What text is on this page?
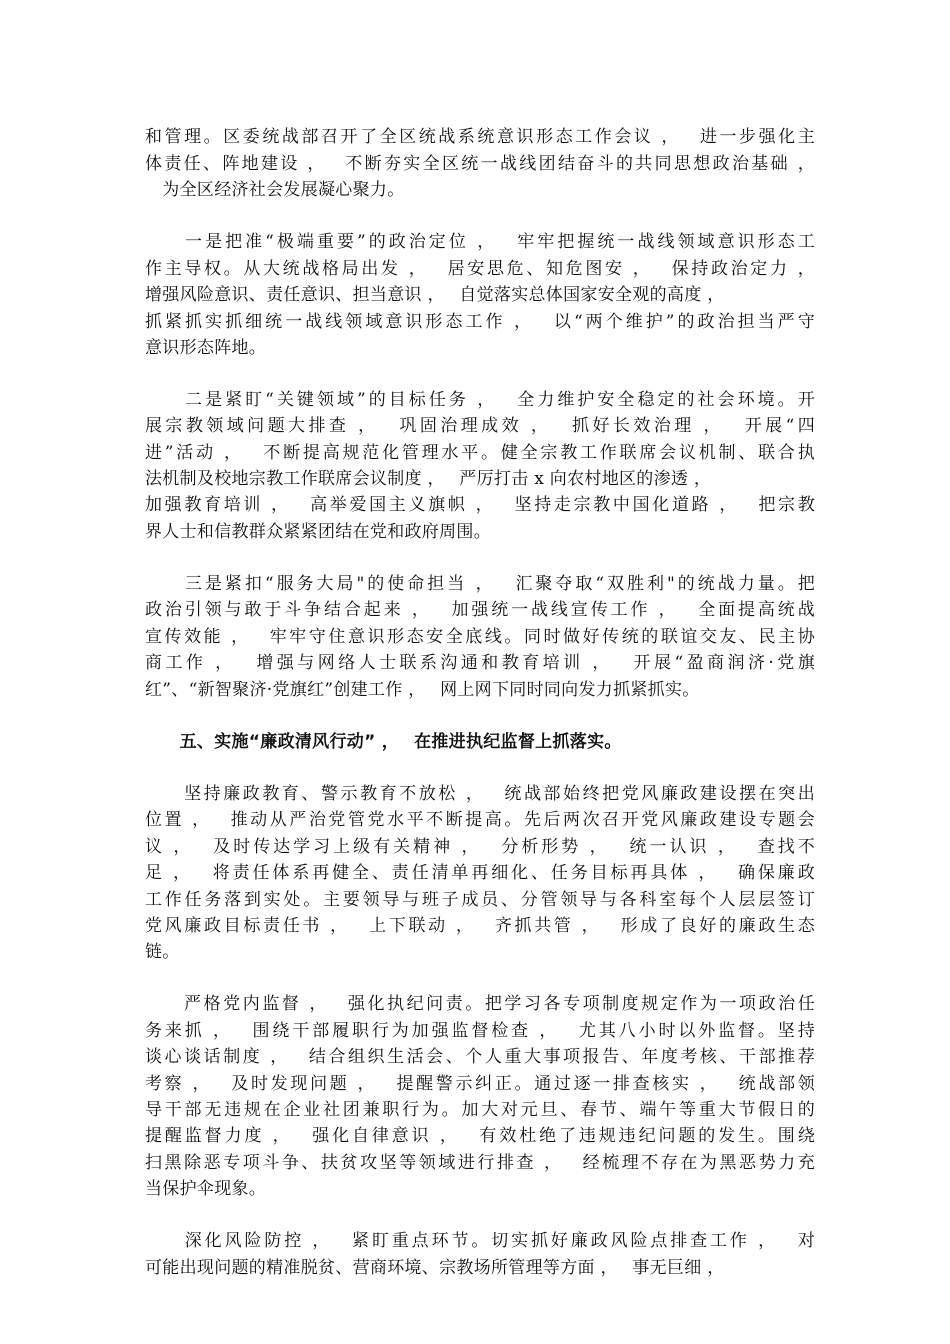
和管理。区委统战部召开了全区统战系统意识形态工作会议 ，　 进一步强化主
体责任、阵地建设 ，　 不断夯实全区统一战线团结奋斗的共同思想政治基础 ，
　为全区经济社会发展凝心聚力。
　　一是把准“极端重要”的政治定位 ，　 牢牢把握统一战线领域意识形态工
作主导权。从大统战格局出发 ，　 居安思危、知危图安 ，　 保持政治定力 ，
增强风险意识、责任意识、担当意识 ，　 自觉落实总体国家安全观的高度 ，
抓紧抓实抓细统一战线领域意识形态工作 ，　 以“两个维护”的政治担当严守
意识形态阵地。
　　二是紧盯“关键领域”的目标任务 ，　 全力维护安全稳定的社会环境。开
展宗教领域问题大排查 ，　 巩固治理成效 ，　 抓好长效治理 ，　 开展“四
进”活动 ，　 不断提高规范化管理水平。健全宗教工作联席会议机制、联合执
法机制及校地宗教工作联席会议制度 ，　 严厉打击 x 向农村地区的渗透 ，
加强教育培训 ，　 高举爱国主义旗帜 ，　 坚持走宗教中国化道路 ，　 把宗教
界人士和信教群众紧紧团结在党和政府周围。
　　三是紧扣“服务大局"的使命担当 ，　 汇聚夺取“双胜利"的统战力量。把
政治引领与敢于斗争结合起来 ，　 加强统一战线宣传工作 ，　 全面提高统战
宣传效能 ，　 牢牢守住意识形态安全底线。同时做好传统的联谊交友、民主协
商工作 ，　 增强与网络人士联系沟通和教育培训 ，　 开展“盈商润济·党旗
红”、“新智聚济·党旗红”创建工作 ，　 网上网下同时同向发力抓紧抓实。
　　五、实施“廉政清风行动” ，　 在推进执纪监督上抓落实。
　　坚持廉政教育、警示教育不放松 ，　 统战部始终把党风廉政建设摆在突出
位置 ，　 推动从严治党管党水平不断提高。先后两次召开党风廉政建设专题会
议 ，　 及时传达学习上级有关精神 ，　 分析形势 ，　 统一认识 ，　 查找不
足 ，　 将责任体系再健全、责任清单再细化、任务目标再具体 ，　 确保廉政
工作任务落到实处。主要领导与班子成员、分管领导与各科室每个人层层签订
党风廉政目标责任书 ，　 上下联动 ，　 齐抓共管 ，　 形成了良好的廉政生态
链。
　　严格党内监督 ，　 强化执纪问责。把学习各专项制度规定作为一项政治任
务来抓 ，　 围绕干部履职行为加强监督检查 ，　 尤其八小时以外监督。坚持
谈心谈话制度 ，　 结合组织生活会、个人重大事项报告、年度考核、干部推荐
考察 ，　 及时发现问题 ，　 提醒警示纠正。通过逐一排查核实 ，　 统战部领
导干部无违规在企业社团兼职行为。加大对元旦、春节、端午等重大节假日的
提醒监督力度 ，　 强化自律意识 ，　 有效杜绝了违规违纪问题的发生。围绕
扫黑除恶专项斗争、扶贫攻坚等领域进行排查 ，　 经梳理不存在为黑恶势力充
当保护伞现象。
　　深化风险防控 ，　 紧盯重点环节。切实抓好廉政风险点排查工作 ，　 对
可能出现问题的精准脱贫、营商环境、宗教场所管理等方面 ，　 事无巨细 ，
